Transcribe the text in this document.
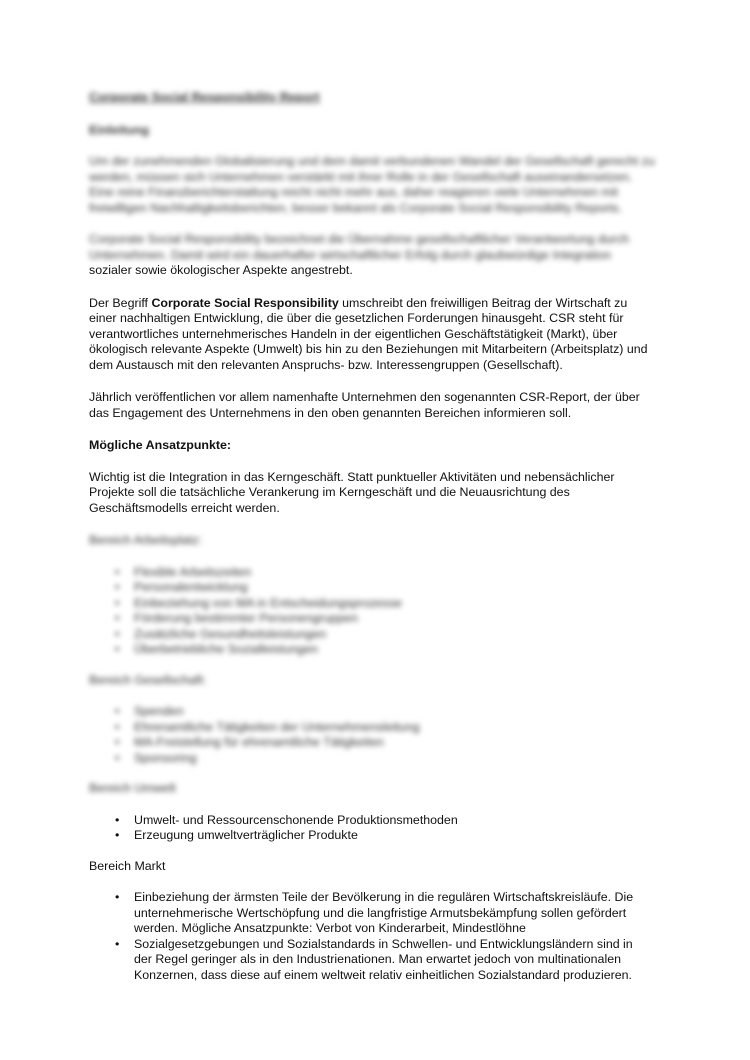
Corporate Social Responsibility Report
Einleitung

Um der zunehmenden Globalisierung und dem damit verbundenen Wandel der Gesellschaft gerecht zu werden, müssen sich Unternehmen verstärkt mit ihrer Rolle in der Gesellschaft auseinandersetzen. Eine reine Finanzberichterstattung reicht nicht mehr aus, daher reagieren viele Unternehmen mit freiwilligen Nachhaltigkeitsberichten, besser bekannt als Corporate Social Responsibility Reports.

Corporate Social Responsibility bezeichnet die Übernahme gesellschaftlicher Verantwortung durch Unternehmen. Damit wird ein dauerhafter wirtschaftlicher Erfolg durch glaubwürdige Integration
sozialer sowie ökologischer Aspekte angestrebt.

Der Begriff Corporate Social Responsibility umschreibt den freiwilligen Beitrag der Wirtschaft zu
einer nachhaltigen Entwicklung, die über die gesetzlichen Forderungen hinausgeht. CSR steht für
verantwortliches unternehmerisches Handeln in der eigentlichen Geschäftstätigkeit (Markt), über
ökologisch relevante Aspekte (Umwelt) bis hin zu den Beziehungen mit Mitarbeitern (Arbeitsplatz) und
dem Austausch mit den relevanten Anspruchs- bzw. Interessengruppen (Gesellschaft).

Jährlich veröffentlichen vor allem namenhafte Unternehmen den sogenannten CSR-Report, der über
das Engagement des Unternehmens in den oben genannten Bereichen informieren soll.

Mögliche Ansatzpunkte:

Wichtig ist die Integration in das Kerngeschäft. Statt punktueller Aktivitäten und nebensächlicher
Projekte soll die tatsächliche Verankerung im Kerngeschäft und die Neuausrichtung des
Geschäftsmodells erreicht werden.

Bereich Arbeitsplatz:
• Flexible Arbeitszeiten
• Personalentwicklung
• Einbeziehung von MA in Entscheidungsprozesse
• Förderung bestimmter Personengruppen
• Zusätzliche Gesundheitsleistungen
• Überbetriebliche Sozialleistungen
Bereich Gesellschaft:
• Spenden
• Ehrenamtliche Tätigkeiten der Unternehmensleitung
• MA-Freistellung für ehrenamtliche Tätigkeiten
• Sponsoring
Bereich Umwelt
• Umwelt- und Ressourcenschonende Produktionsmethoden
• Erzeugung umweltverträglicher Produkte
Bereich Markt
• Einbeziehung der ärmsten Teile der Bevölkerung in die regulären Wirtschaftskreisläufe. Die
unternehmerische Wertschöpfung und die langfristige Armutsbekämpfung sollen gefördert
werden. Mögliche Ansatzpunkte: Verbot von Kinderarbeit, Mindestlöhne
• Sozialgesetzgebungen und Sozialstandards in Schwellen- und Entwicklungsländern sind in
der Regel geringer als in den Industrienationen. Man erwartet jedoch von multinationalen
Konzernen, dass diese auf einem weltweit relativ einheitlichen Sozialstandard produzieren.
